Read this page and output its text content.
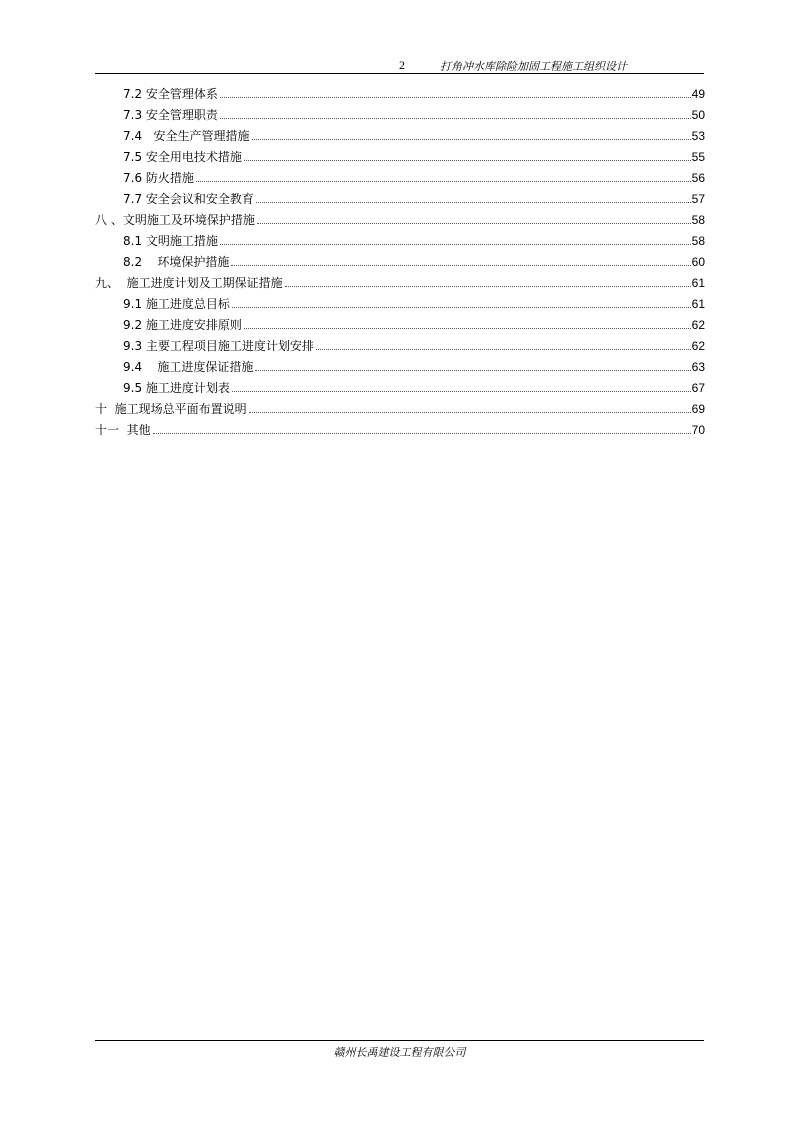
2	打角冲水库除险加固工程施工组织设计
7.2 安全管理体系	49
7.3 安全管理职责	50
7.4   安全生产管理措施	53
7.5 安全用电技术措施	55
7.6 防火措施	56
7.7 安全会议和安全教育	57
八 、文明施工及环境保护措施	58
8.1 文明施工措施	58
8.2    环境保护措施	60
九、  施工进度计划及工期保证措施	61
9.1 施工进度总目标	61
9.2 施工进度安排原则	62
9.3 主要工程项目施工进度计划安排	62
9.4    施工进度保证措施	63
9.5 施工进度计划表	67
十  施工现场总平面布置说明	69
十一  其他	70
赣州长禹建设工程有限公司
